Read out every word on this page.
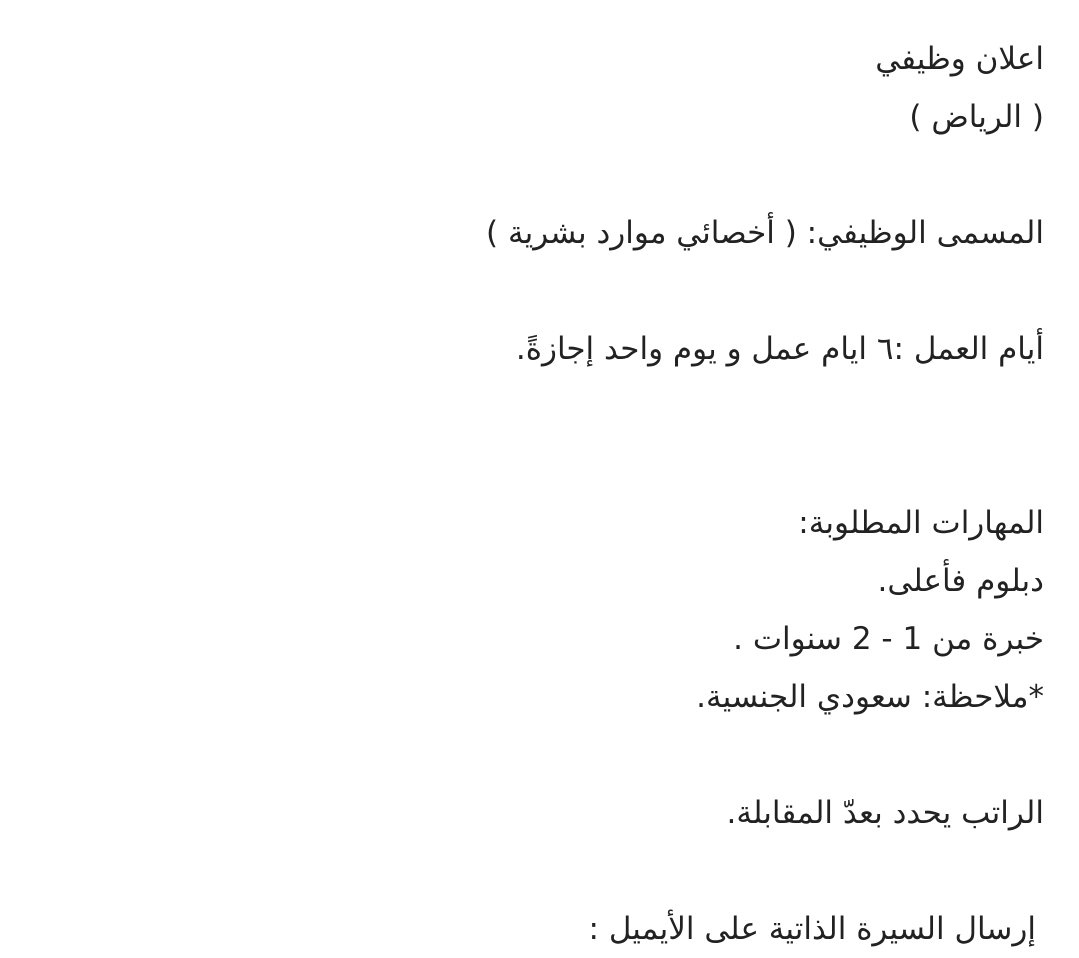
اعلان وظيفي

( الرياض )

المسمى الوظيفي: ( أخصائي موارد بشرية )

أيام العمل :٦ ايام عمل و يوم واحد إجازةً.

المهارات المطلوبة:

دبلوم فأعلى.

خبرة من 1 - 2 سنوات .

*ملاحظة: سعودي الجنسية.

الراتب يحدد بعدّ المقابلة.

إرسال السيرة الذاتية على الأيميل :
